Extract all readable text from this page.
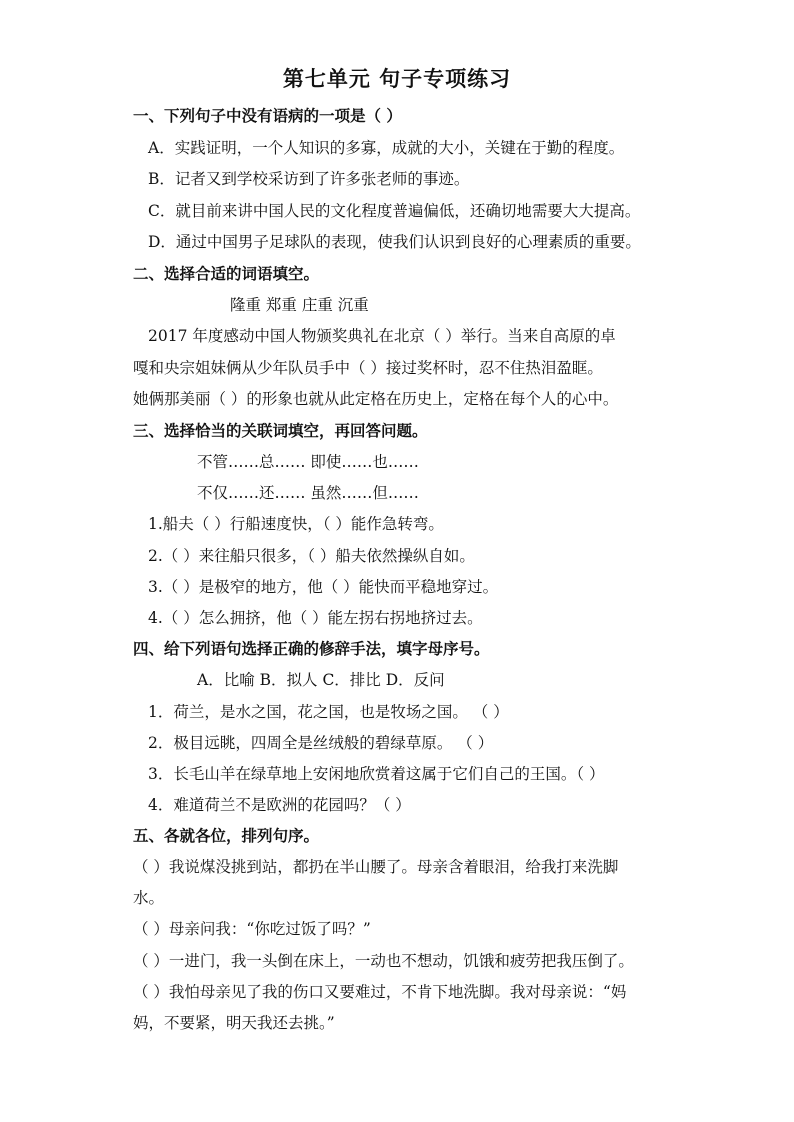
第七单元 句子专项练习
一、下列句子中没有语病的一项是（ ）
A．实践证明，一个人知识的多寡，成就的大小，关键在于勤的程度。
B．记者又到学校采访到了许多张老师的事迹。
C．就目前来讲中国人民的文化程度普遍偏低，还确切地需要大大提高。
D．通过中国男子足球队的表现，使我们认识到良好的心理素质的重要。
二、选择合适的词语填空。
隆重 郑重 庄重 沉重
2017 年度感动中国人物颁奖典礼在北京（ ）举行。当来自高原的卓
嘎和央宗姐妹俩从少年队员手中（ ）接过奖杯时，忍不住热泪盈眶。
她俩那美丽（ ）的形象也就从此定格在历史上，定格在每个人的心中。
三、选择恰当的关联词填空，再回答问题。
不管……总…… 即使……也……
不仅……还…… 虽然……但……
1.船夫（ ）行船速度快，（ ）能作急转弯。
2.（ ）来往船只很多，（ ）船夫依然操纵自如。
3.（ ）是极窄的地方，他（ ）能快而平稳地穿过。
4.（ ）怎么拥挤，他（ ）能左拐右拐地挤过去。
四、给下列语句选择正确的修辞手法，填字母序号。
A．比喻 B．拟人 C．排比 D．反问
1．荷兰，是水之国，花之国，也是牧场之国。 （ ）
2．极目远眺，四周全是丝绒般的碧绿草原。 （ ）
3．长毛山羊在绿草地上安闲地欣赏着这属于它们自己的王国。（ ）
4．难道荷兰不是欧洲的花园吗？（ ）
五、各就各位，排列句序。
（ ）我说煤没挑到站，都扔在半山腰了。母亲含着眼泪，给我打来洗脚
水。
（ ）母亲问我：“你吃过饭了吗？”
（ ）一进门，我一头倒在床上，一动也不想动，饥饿和疲劳把我压倒了。
（ ）我怕母亲见了我的伤口又要难过，不肯下地洗脚。我对母亲说：“妈
妈，不要紧，明天我还去挑。”
